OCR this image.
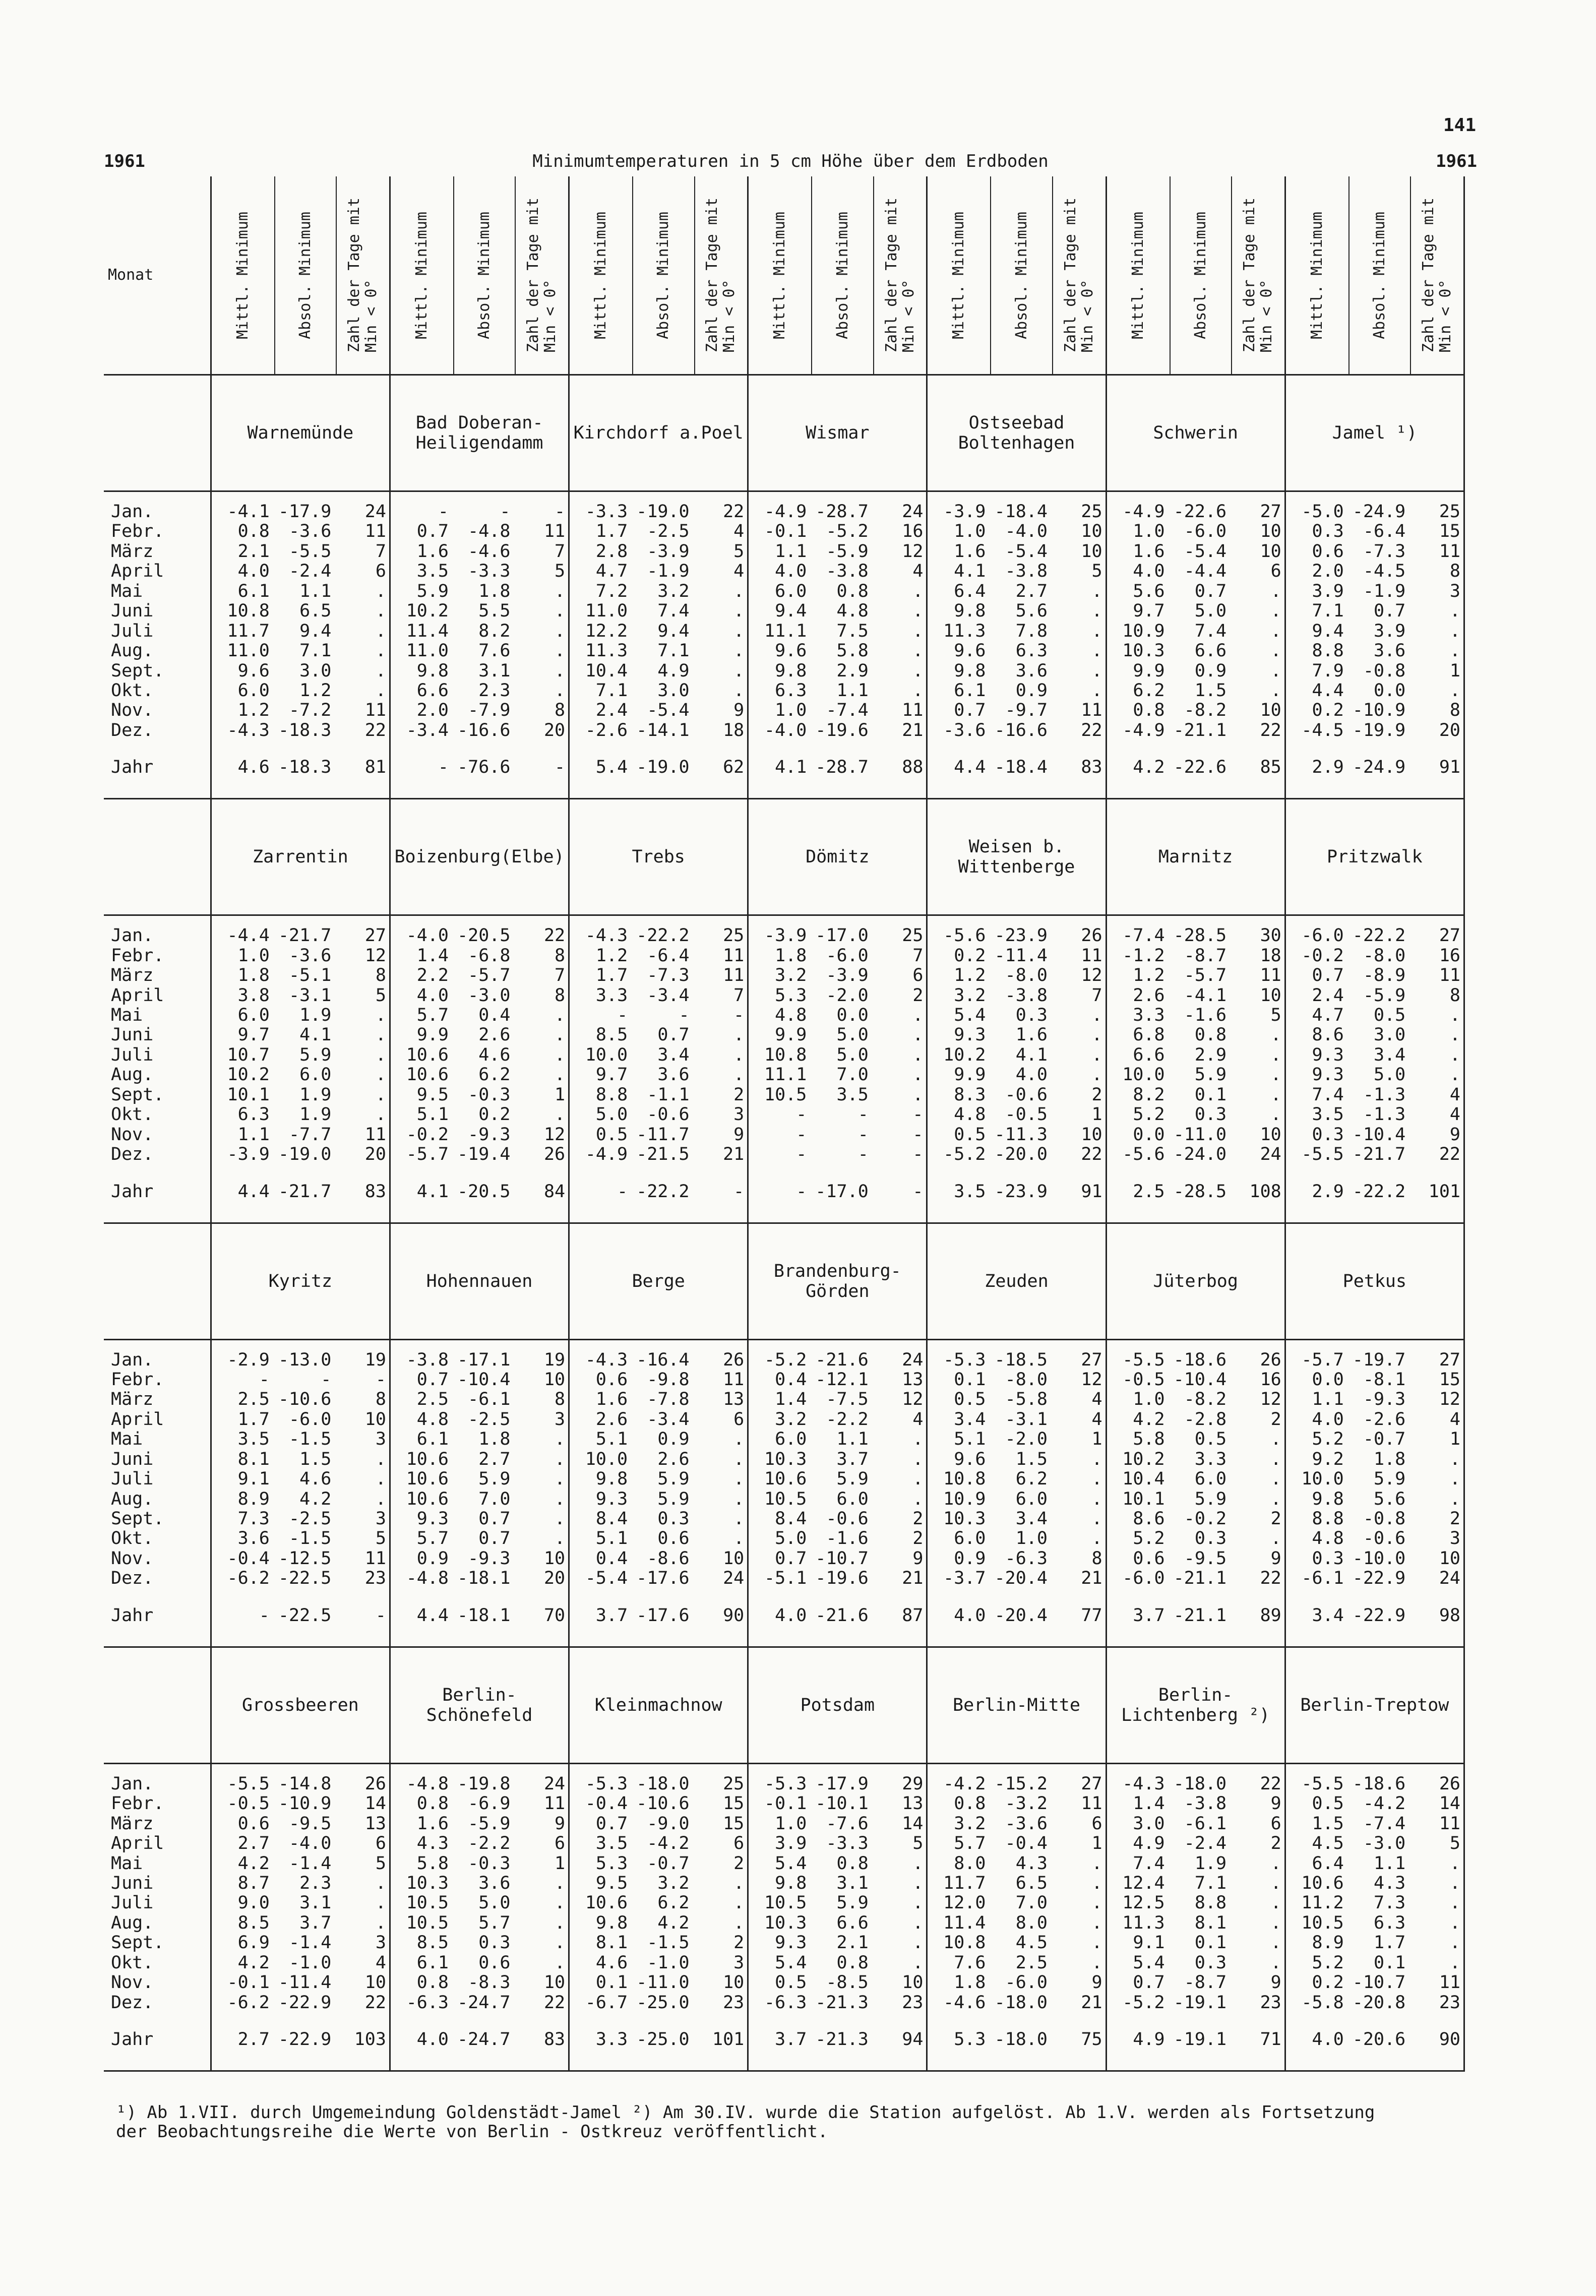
141
1961	Minimumtemperaturen in 5 cm Höhe über dem Erdboden	1961
Monat	Mittl. Minimum	Absol. Minimum	Zahl der Tage mit
Min < 0°	Mittl. Minimum	Absol. Minimum	Zahl der Tage mit
Min < 0°	Mittl. Minimum	Absol. Minimum	Zahl der Tage mit
Min < 0°	Mittl. Minimum	Absol. Minimum	Zahl der Tage mit
Min < 0°	Mittl. Minimum	Absol. Minimum	Zahl der Tage mit
Min < 0°	Mittl. Minimum	Absol. Minimum	Zahl der Tage mit
Min < 0°	Mittl. Minimum	Absol. Minimum	Zahl der Tage mit
Min < 0°

	Warnemünde			Bad Doberan-
Heiligendamm			Kirchdorf a.Poel			Wismar			Ostseebad
Boltenhagen			Schwerin			Jamel ¹)		

Jan.	-4.1	-17.9	24	-	-	-	-3.3	-19.0	22	-4.9	-28.7	24	-3.9	-18.4	25	-4.9	-22.6	27	-5.0	-24.9	25
Febr.	0.8	-3.6	11	0.7	-4.8	11	1.7	-2.5	4	-0.1	-5.2	16	1.0	-4.0	10	1.0	-6.0	10	0.3	-6.4	15
März	2.1	-5.5	7	1.6	-4.6	7	2.8	-3.9	5	1.1	-5.9	12	1.6	-5.4	10	1.6	-5.4	10	0.6	-7.3	11
April	4.0	-2.4	6	3.5	-3.3	5	4.7	-1.9	4	4.0	-3.8	4	4.1	-3.8	5	4.0	-4.4	6	2.0	-4.5	8
Mai	6.1	1.1	.	5.9	1.8	.	7.2	3.2	.	6.0	0.8	.	6.4	2.7	.	5.6	0.7	.	3.9	-1.9	3
Juni	10.8	6.5	.	10.2	5.5	.	11.0	7.4	.	9.4	4.8	.	9.8	5.6	.	9.7	5.0	.	7.1	0.7	.
Juli	11.7	9.4	.	11.4	8.2	.	12.2	9.4	.	11.1	7.5	.	11.3	7.8	.	10.9	7.4	.	9.4	3.9	.
Aug.	11.0	7.1	.	11.0	7.6	.	11.3	7.1	.	9.6	5.8	.	9.6	6.3	.	10.3	6.6	.	8.8	3.6	.
Sept.	9.6	3.0	.	9.8	3.1	.	10.4	4.9	.	9.8	2.9	.	9.8	3.6	.	9.9	0.9	.	7.9	-0.8	1
Okt.	6.0	1.2	.	6.6	2.3	.	7.1	3.0	.	6.3	1.1	.	6.1	0.9	.	6.2	1.5	.	4.4	0.0	.
Nov.	1.2	-7.2	11	2.0	-7.9	8	2.4	-5.4	9	1.0	-7.4	11	0.7	-9.7	11	0.8	-8.2	10	0.2	-10.9	8
Dez.	-4.3	-18.3	22	-3.4	-16.6	20	-2.6	-14.1	18	-4.0	-19.6	21	-3.6	-16.6	22	-4.9	-21.1	22	-4.5	-19.9	20

Jahr	4.6	-18.3	81	-	-76.6	-	5.4	-19.0	62	4.1	-28.7	88	4.4	-18.4	83	4.2	-22.6	85	2.9	-24.9	91
	Zarrentin			Boizenburg(Elbe)			Trebs			Dömitz			Weisen b.
Wittenberge			Marnitz			Pritzwalk		

Jan.	-4.4	-21.7	27	-4.0	-20.5	22	-4.3	-22.2	25	-3.9	-17.0	25	-5.6	-23.9	26	-7.4	-28.5	30	-6.0	-22.2	27
Febr.	1.0	-3.6	12	1.4	-6.8	8	1.2	-6.4	11	1.8	-6.0	7	0.2	-11.4	11	-1.2	-8.7	18	-0.2	-8.0	16
März	1.8	-5.1	8	2.2	-5.7	7	1.7	-7.3	11	3.2	-3.9	6	1.2	-8.0	12	1.2	-5.7	11	0.7	-8.9	11
April	3.8	-3.1	5	4.0	-3.0	8	3.3	-3.4	7	5.3	-2.0	2	3.2	-3.8	7	2.6	-4.1	10	2.4	-5.9	8
Mai	6.0	1.9	.	5.7	0.4	.	-	-	-	4.8	0.0	.	5.4	0.3	.	3.3	-1.6	5	4.7	0.5	.
Juni	9.7	4.1	.	9.9	2.6	.	8.5	0.7	.	9.9	5.0	.	9.3	1.6	.	6.8	0.8	.	8.6	3.0	.
Juli	10.7	5.9	.	10.6	4.6	.	10.0	3.4	.	10.8	5.0	.	10.2	4.1	.	6.6	2.9	.	9.3	3.4	.
Aug.	10.2	6.0	.	10.6	6.2	.	9.7	3.6	.	11.1	7.0	.	9.9	4.0	.	10.0	5.9	.	9.3	5.0	.
Sept.	10.1	1.9	.	9.5	-0.3	1	8.8	-1.1	2	10.5	3.5	.	8.3	-0.6	2	8.2	0.1	.	7.4	-1.3	4
Okt.	6.3	1.9	.	5.1	0.2	.	5.0	-0.6	3	-	-	-	4.8	-0.5	1	5.2	0.3	.	3.5	-1.3	4
Nov.	1.1	-7.7	11	-0.2	-9.3	12	0.5	-11.7	9	-	-	-	0.5	-11.3	10	0.0	-11.0	10	0.3	-10.4	9
Dez.	-3.9	-19.0	20	-5.7	-19.4	26	-4.9	-21.5	21	-	-	-	-5.2	-20.0	22	-5.6	-24.0	24	-5.5	-21.7	22

Jahr	4.4	-21.7	83	4.1	-20.5	84	-	-22.2	-	-	-17.0	-	3.5	-23.9	91	2.5	-28.5	108	2.9	-22.2	101
	Kyritz			Hohennauen			Berge			Brandenburg-
Görden			Zeuden			Jüterbog			Petkus		

Jan.	-2.9	-13.0	19	-3.8	-17.1	19	-4.3	-16.4	26	-5.2	-21.6	24	-5.3	-18.5	27	-5.5	-18.6	26	-5.7	-19.7	27
Febr.	-	-	-	0.7	-10.4	10	0.6	-9.8	11	0.4	-12.1	13	0.1	-8.0	12	-0.5	-10.4	16	0.0	-8.1	15
März	2.5	-10.6	8	2.5	-6.1	8	1.6	-7.8	13	1.4	-7.5	12	0.5	-5.8	4	1.0	-8.2	12	1.1	-9.3	12
April	1.7	-6.0	10	4.8	-2.5	3	2.6	-3.4	6	3.2	-2.2	4	3.4	-3.1	4	4.2	-2.8	2	4.0	-2.6	4
Mai	3.5	-1.5	3	6.1	1.8	.	5.1	0.9	.	6.0	1.1	.	5.1	-2.0	1	5.8	0.5	.	5.2	-0.7	1
Juni	8.1	1.5	.	10.6	2.7	.	10.0	2.6	.	10.3	3.7	.	9.6	1.5	.	10.2	3.3	.	9.2	1.8	.
Juli	9.1	4.6	.	10.6	5.9	.	9.8	5.9	.	10.6	5.9	.	10.8	6.2	.	10.4	6.0	.	10.0	5.9	.
Aug.	8.9	4.2	.	10.6	7.0	.	9.3	5.9	.	10.5	6.0	.	10.9	6.0	.	10.1	5.9	.	9.8	5.6	.
Sept.	7.3	-2.5	3	9.3	0.7	.	8.4	0.3	.	8.4	-0.6	2	10.3	3.4	.	8.6	-0.2	2	8.8	-0.8	2
Okt.	3.6	-1.5	5	5.7	0.7	.	5.1	0.6	.	5.0	-1.6	2	6.0	1.0	.	5.2	0.3	.	4.8	-0.6	3
Nov.	-0.4	-12.5	11	0.9	-9.3	10	0.4	-8.6	10	0.7	-10.7	9	0.9	-6.3	8	0.6	-9.5	9	0.3	-10.0	10
Dez.	-6.2	-22.5	23	-4.8	-18.1	20	-5.4	-17.6	24	-5.1	-19.6	21	-3.7	-20.4	21	-6.0	-21.1	22	-6.1	-22.9	24

Jahr	-	-22.5	-	4.4	-18.1	70	3.7	-17.6	90	4.0	-21.6	87	4.0	-20.4	77	3.7	-21.1	89	3.4	-22.9	98
	Grossbeeren			Berlin-
Schönefeld			Kleinmachnow			Potsdam			Berlin-Mitte			Berlin-
Lichtenberg ²)			Berlin-Treptow		

Jan.	-5.5	-14.8	26	-4.8	-19.8	24	-5.3	-18.0	25	-5.3	-17.9	29	-4.2	-15.2	27	-4.3	-18.0	22	-5.5	-18.6	26
Febr.	-0.5	-10.9	14	0.8	-6.9	11	-0.4	-10.6	15	-0.1	-10.1	13	0.8	-3.2	11	1.4	-3.8	9	0.5	-4.2	14
März	0.6	-9.5	13	1.6	-5.9	9	0.7	-9.0	15	1.0	-7.6	14	3.2	-3.6	6	3.0	-6.1	6	1.5	-7.4	11
April	2.7	-4.0	6	4.3	-2.2	6	3.5	-4.2	6	3.9	-3.3	5	5.7	-0.4	1	4.9	-2.4	2	4.5	-3.0	5
Mai	4.2	-1.4	5	5.8	-0.3	1	5.3	-0.7	2	5.4	0.8	.	8.0	4.3	.	7.4	1.9	.	6.4	1.1	.
Juni	8.7	2.3	.	10.3	3.6	.	9.5	3.2	.	9.8	3.1	.	11.7	6.5	.	12.4	7.1	.	10.6	4.3	.
Juli	9.0	3.1	.	10.5	5.0	.	10.6	6.2	.	10.5	5.9	.	12.0	7.0	.	12.5	8.8	.	11.2	7.3	.
Aug.	8.5	3.7	.	10.5	5.7	.	9.8	4.2	.	10.3	6.6	.	11.4	8.0	.	11.3	8.1	.	10.5	6.3	.
Sept.	6.9	-1.4	3	8.5	0.3	.	8.1	-1.5	2	9.3	2.1	.	10.8	4.5	.	9.1	0.1	.	8.9	1.7	.
Okt.	4.2	-1.0	4	6.1	0.6	.	4.6	-1.0	3	5.4	0.8	.	7.6	2.5	.	5.4	0.3	.	5.2	0.1	.
Nov.	-0.1	-11.4	10	0.8	-8.3	10	0.1	-11.0	10	0.5	-8.5	10	1.8	-6.0	9	0.7	-8.7	9	0.2	-10.7	11
Dez.	-6.2	-22.9	22	-6.3	-24.7	22	-6.7	-25.0	23	-6.3	-21.3	23	-4.6	-18.0	21	-5.2	-19.1	23	-5.8	-20.8	23

Jahr	2.7	-22.9	103	4.0	-24.7	83	3.3	-25.0	101	3.7	-21.3	94	5.3	-18.0	75	4.9	-19.1	71	4.0	-20.6	90
¹) Ab 1.VII. durch Umgemeindung Goldenstädt-Jamel ²) Am 30.IV. wurde die Station aufgelöst. Ab 1.V. werden als Fortsetzung
der Beobachtungsreihe die Werte von Berlin - Ostkreuz veröffentlicht.
